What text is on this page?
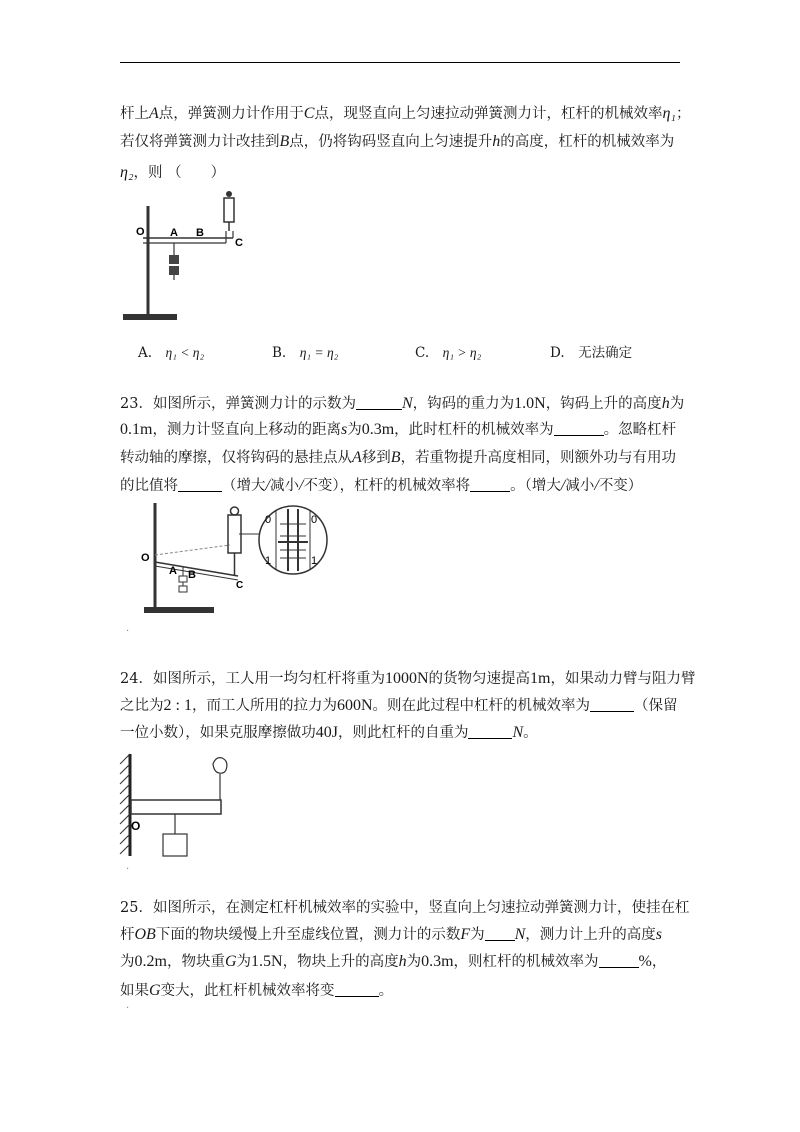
杆上A点，弹簧测力计作用于C点，现竖直向上匀速拉动弹簧测力计，杠杆的机械效率η₁；
若仅将弹簧测力计改挂到B点，仍将钩码竖直向上匀速提升h的高度，杠杆的机械效率为
η₂，则 （　　）
O A B
C
A.　 η₁ < η₂	B.　 η₁ = η₂	C.　 η₁ > η₂	D.　 无法确定
23．如图所示，弹簧测力计的示数为	N，钩码的重力为1.0N，钩码上升的高度h为
0.1m，测力计竖直向上移动的距离s为0.3m，此时杠杆的机械效率为	。忽略杠杆
转动轴的摩擦，仅将钩码的悬挂点从A移到B，若重物提升高度相同，则额外功与有用功
的比值将	（增大/减小/不变），杠杆的机械效率将	。（增大/减小/不变）
0	0
1	1
O
A B
C
·
24．如图所示，工人用一均匀杠杆将重为1000N的货物匀速提高1m，如果动力臂与阻力臂
之比为2 : 1，而工人所用的拉力为600N。则在此过程中杠杆的机械效率为	（保留
一位小数），如果克服摩擦做功40J，则此杠杆的自重为	N。
O
·
25．如图所示，在测定杠杆机械效率的实验中，竖直向上匀速拉动弹簧测力计，使挂在杠
杆OB下面的物块缓慢上升至虚线位置，测力计的示数F为 N，测力计上升的高度s
为0.2m，物块重G为1.5N，物块上升的高度h为0.3m，则杠杆的机械效率为	%，
如果G变大，此杠杆机械效率将变	。
·
